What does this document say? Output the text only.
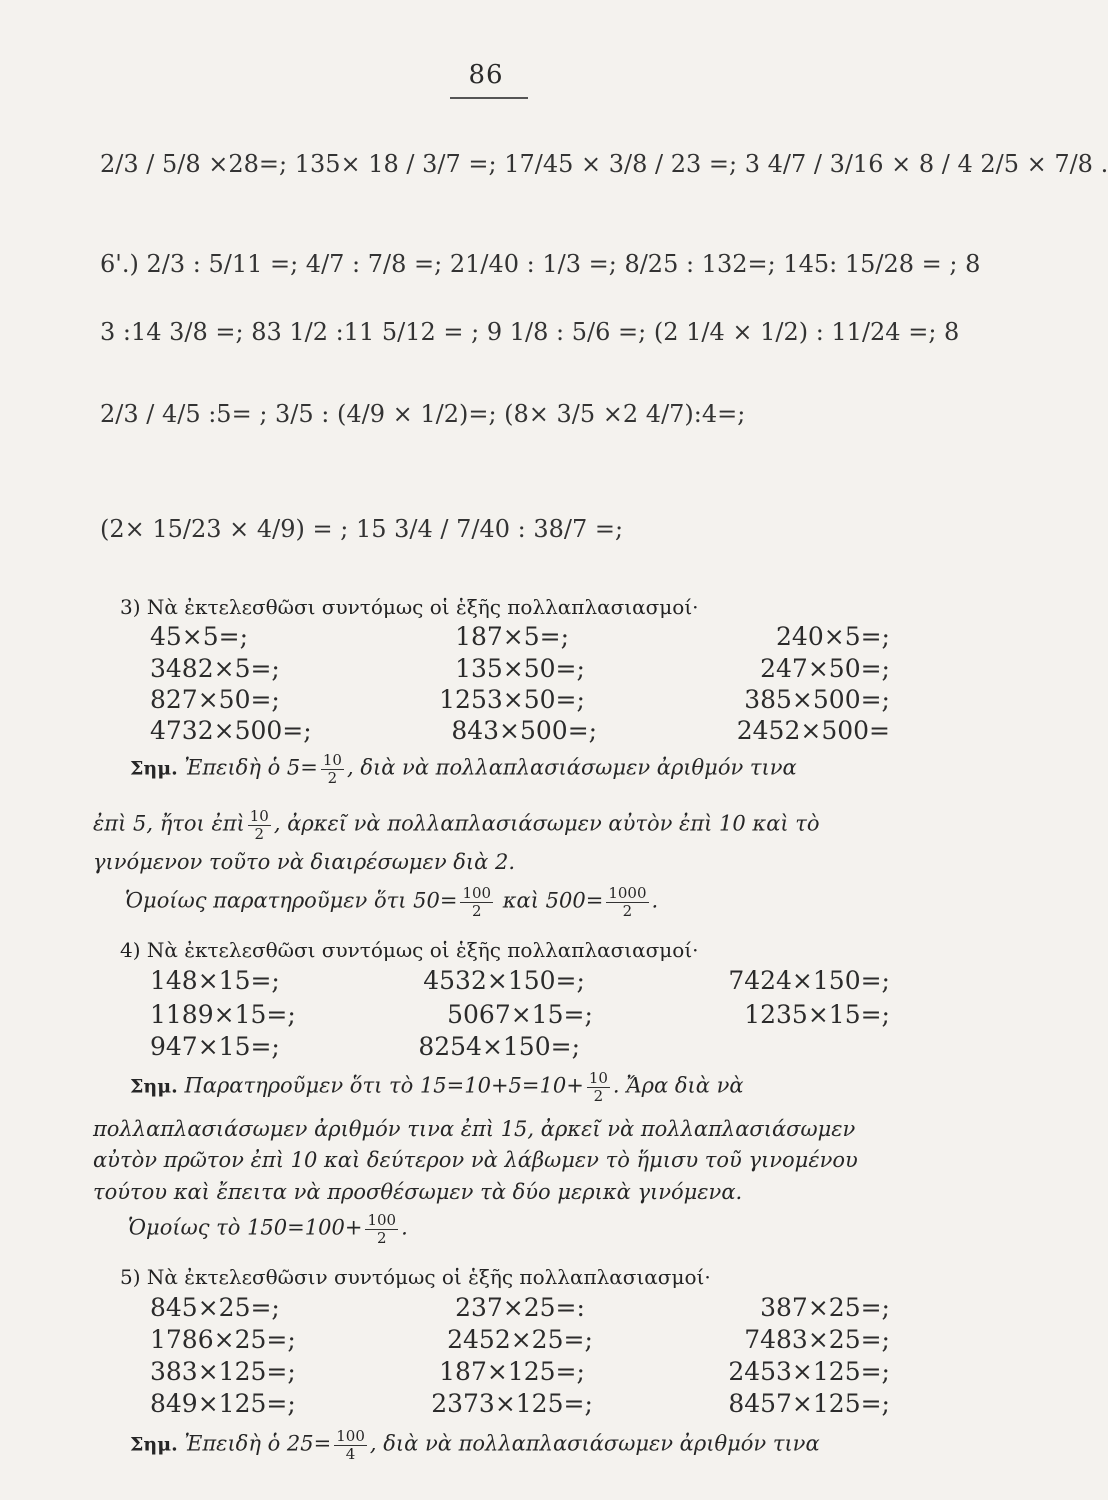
86
2/3 / 5/8 ×28=; 135× 18 / 3/7 =; 17/45 × 3/8 / 23 =; 3 4/7 / 3/16 × 8 / 4 2/5 × 7/8 .
6'.) 2/3 : 5/11 =; 4/7 : 7/8 =; 21/40 : 1/3 =; 8/25 : 132=; 145: 15/28 = ; 8
3 :14 3/8 =; 83 1/2 :11 5/12 = ; 9 1/8 : 5/6 =; (2 1/4 × 1/2) : 11/24 =; 8
2/3 / 4/5 :5= ; 3/5 : (4/9 × 1/2)=; (8× 3/5 ×2 4/7):4=;
(2× 15/23 × 4/9) = ; 15 3/4 / 7/40 : 38/7 =;
3) Νὰ ἐκτελεσθῶσι συντόμως οἱ ἑξῆς πολλαπλασιασμοί·
45×5=;	187×5=;	240×5=;
3482×5=;	135×50=;	247×50=;
827×50=;	1253×50=;	385×500=;
4732×500=;	843×500=;	2452×500=
Σημ. Ἐπειδὴ ὁ $5= \frac{10}{2}$ , διὰ νὰ πολλαπλασιάσωμεν ἀριθμόν τινα
ἐπὶ 5, ἤτοι ἐπὶ $\frac{10}{2}$ , ἀρκεῖ νὰ πολλαπλασιάσωμεν αὐτὸν ἐπὶ 10 καὶ τὸ
γινόμενον τοῦτο νὰ διαιρέσωμεν διὰ 2.
Ὁμοίως παρατηροῦμεν ὅτι $50= \frac{100}{2}$ καὶ $500= \frac{1000}{2}$ .
4) Νὰ ἐκτελεσθῶσι συντόμως οἱ ἑξῆς πολλαπλασιασμοί·
148×15=;	4532×150=;	7424×150=;
1189×15=;	5067×15=;	1235×15=;
947×15=;	8254×150=;
Σημ. Παρατηροῦμεν ὅτι τὸ $15=10+5=10+ \frac{10}{2}$ . Ἄρα διὰ νὰ
πολλαπλασιάσωμεν ἀριθμόν τινα ἐπὶ 15, ἀρκεῖ νὰ πολλαπλασιάσωμεν
αὐτὸν πρῶτον ἐπὶ 10 καὶ δεύτερον νὰ λάβωμεν τὸ ἥμισυ τοῦ γινομένου
τούτου καὶ ἔπειτα νὰ προσθέσωμεν τὰ δύο μερικὰ γινόμενα.
Ὁμοίως τὸ $150=100+ \frac{100}{2}$ .
5) Νὰ ἐκτελεσθῶσιν συντόμως οἱ ἑξῆς πολλαπλασιασμοί·
845×25=;	237×25=:	387×25=;
1786×25=;	2452×25=;	7483×25=;
383×125=;	187×125=;	2453×125=;
849×125=;	2373×125=;	8457×125=;
Σημ. Ἐπειδὴ ὁ $25= \frac{100}{4}$ , διὰ νὰ πολλαπλασιάσωμεν ἀριθμόν τινα
